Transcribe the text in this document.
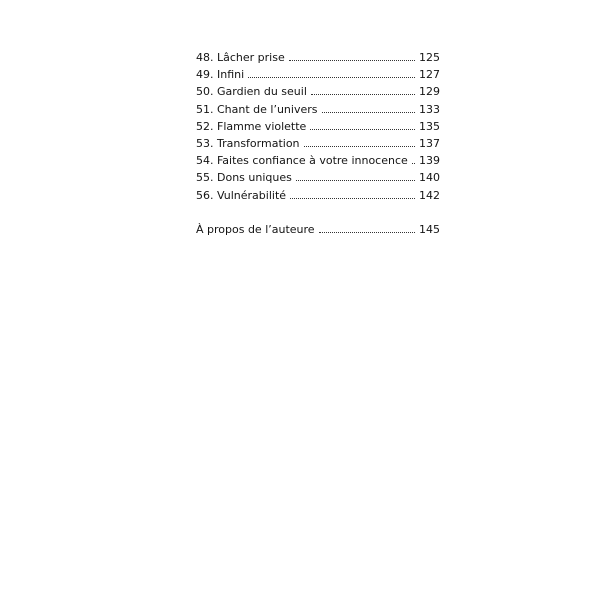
48. Lâcher prise	125
49. Infini	127
50. Gardien du seuil	129
51. Chant de l’univers	133
52. Flamme violette	135
53. Transformation	137
54. Faites confiance à votre innocence 139
55. Dons uniques	140
56. Vulnérabilité	142
À propos de l’auteure	145
